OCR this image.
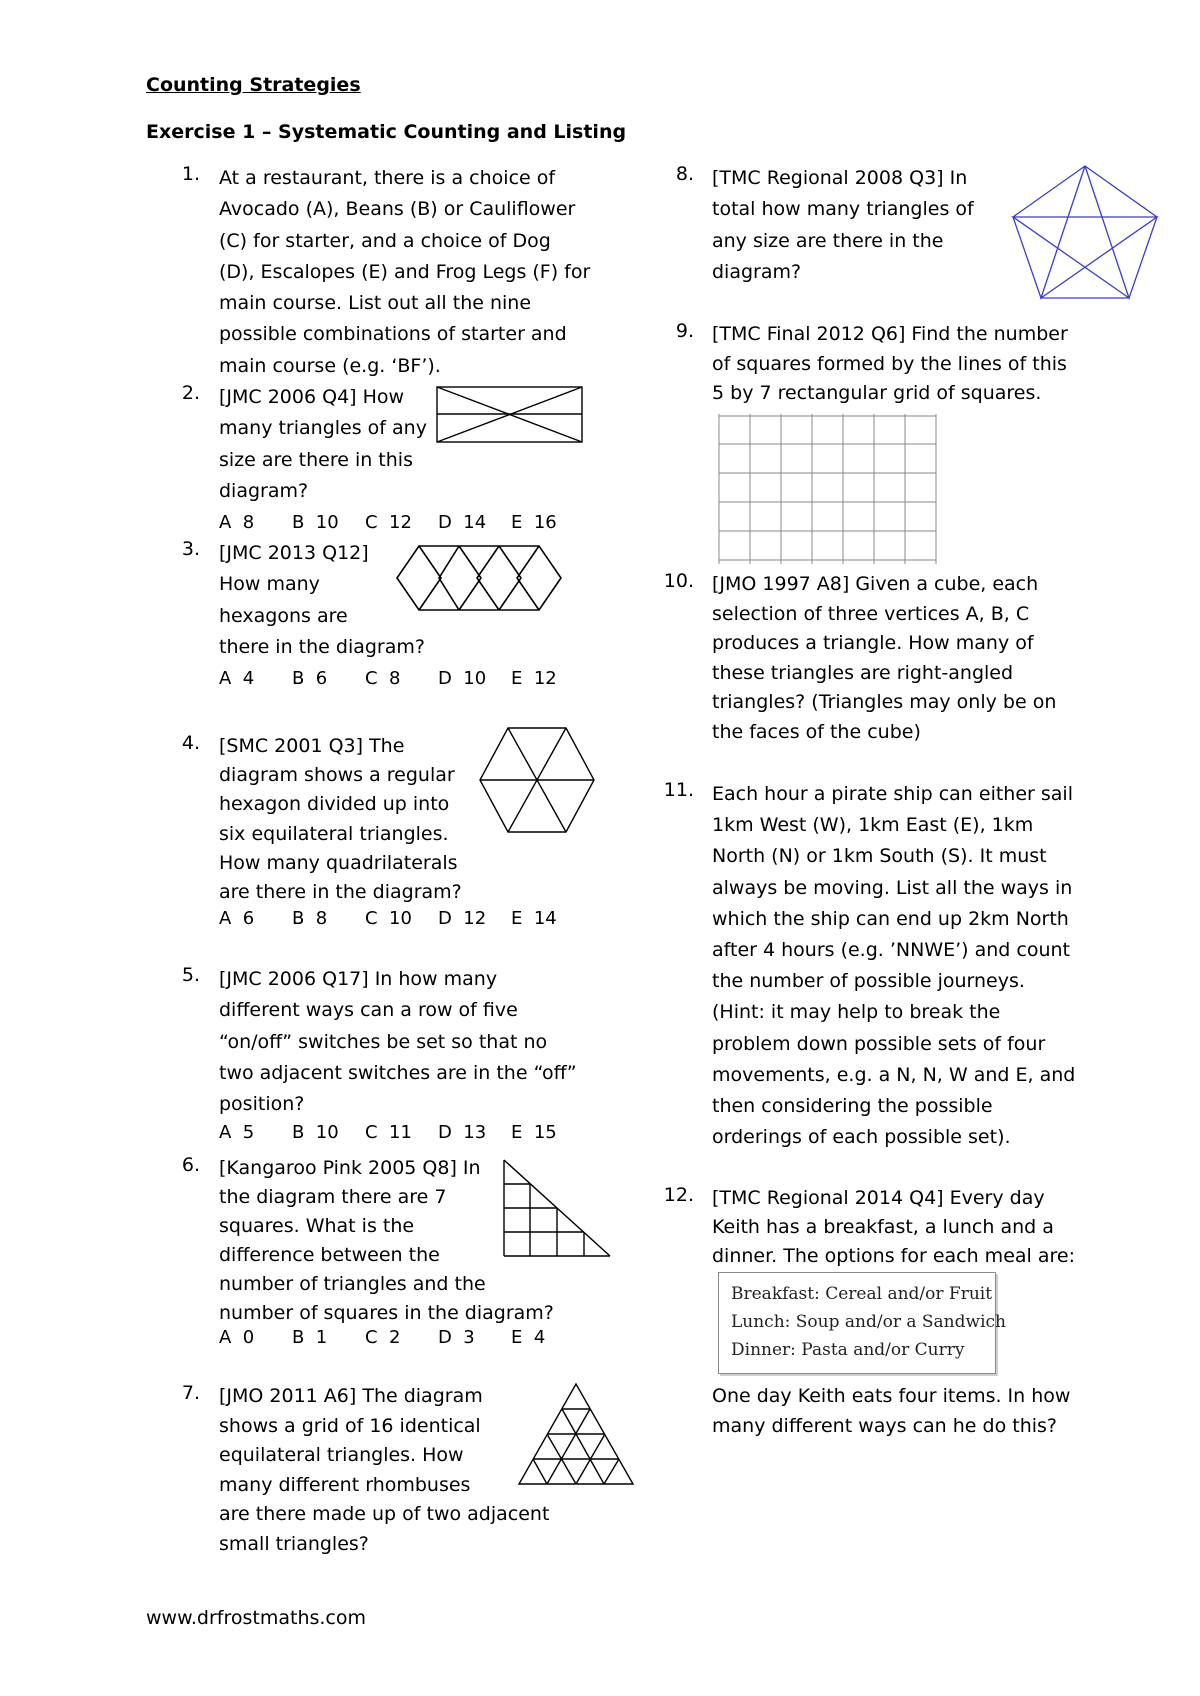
Counting Strategies
Exercise 1 – Systematic Counting and Listing
1. At a restaurant, there is a choice of

Avocado (A), Beans (B) or Cauliflower

(C) for starter, and a choice of Dog

(D), Escalopes (E) and Frog Legs (F) for

main course. List out all the nine

possible combinations of starter and

main course (e.g. ‘BF’).

2. [JMC 2006 Q4] How

many triangles of any

size are there in this

diagram?

A  8	B  10	C  12	D  14	E  16
3. [JMC 2013 Q12]

How many

hexagons are

there in the diagram?

A  4	B  6	C  8	D  10	E  12
4. [SMC 2001 Q3] The

diagram shows a regular

hexagon divided up into

six equilateral triangles.

How many quadrilaterals

are there in the diagram?

A  6	B  8	C  10	D  12	E  14
5. [JMC 2006 Q17] In how many

different ways can a row of five

“on/off” switches be set so that no

two adjacent switches are in the “off”

position?

A  5	B  10	C  11	D  13	E  15
6. [Kangaroo Pink 2005 Q8] In

the diagram there are 7

squares. What is the

difference between the

number of triangles and the

number of squares in the diagram?

A  0	B  1	C  2	D  3	E  4
7. [JMO 2011 A6] The diagram

shows a grid of 16 identical

equilateral triangles. How

many different rhombuses

are there made up of two adjacent

small triangles?

8. [TMC Regional 2008 Q3] In

total how many triangles of

any size are there in the

diagram?

9. [TMC Final 2012 Q6] Find the number

of squares formed by the lines of this

5 by 7 rectangular grid of squares.

10. [JMO 1997 A8] Given a cube, each

selection of three vertices A, B, C

produces a triangle. How many of

these triangles are right-angled

triangles? (Triangles may only be on

the faces of the cube)

11. Each hour a pirate ship can either sail

1km West (W), 1km East (E), 1km

North (N) or 1km South (S). It must

always be moving. List all the ways in

which the ship can end up 2km North

after 4 hours (e.g. ’NNWE’) and count

the number of possible journeys.

(Hint: it may help to break the

problem down possible sets of four

movements, e.g. a N, N, W and E, and

then considering the possible

orderings of each possible set).

12. [TMC Regional 2014 Q4] Every day

Keith has a breakfast, a lunch and a

dinner. The options for each meal are:

Breakfast: Cereal and/or Fruit
Lunch: Soup and/or a Sandwich
Dinner: Pasta and/or Curry

One day Keith eats four items. In how

many different ways can he do this?

www.drfrostmaths.com
